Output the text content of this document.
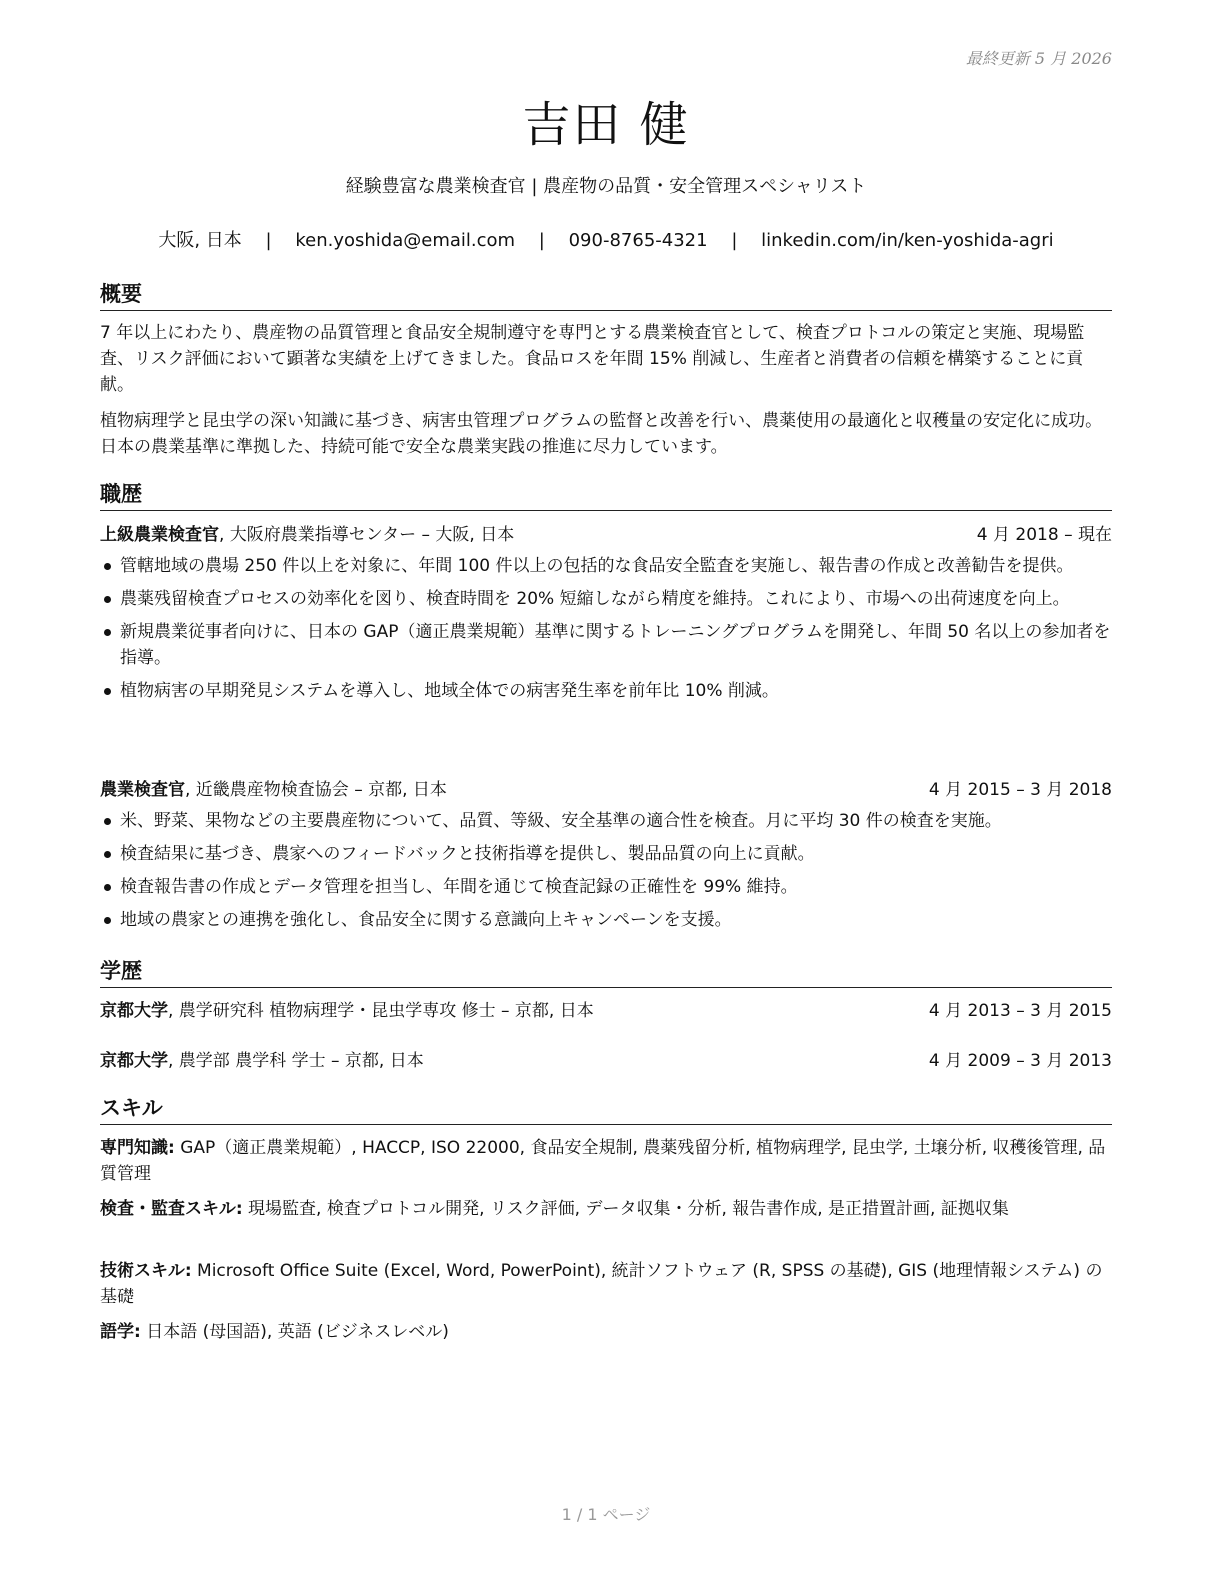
最終更新 5 月 2026
吉田 健
経験豊富な農業検査官 | 農産物の品質・安全管理スペシャリスト
大阪, 日本 | ken.yoshida@email.com | 090-8765-4321 | linkedin.com/in/ken-yoshida-agri
概要
7 年以上にわたり、農産物の品質管理と食品安全規制遵守を専門とする農業検査官として、検査プロトコルの策定と実施、現場監査、リスク評価において顕著な実績を上げてきました。食品ロスを年間 15% 削減し、生産者と消費者の信頼を構築することに貢献。
植物病理学と昆虫学の深い知識に基づき、病害虫管理プログラムの監督と改善を行い、農薬使用の最適化と収穫量の安定化に成功。日本の農業基準に準拠した、持続可能で安全な農業実践の推進に尽力しています。
職歴
上級農業検査官, 大阪府農業指導センター – 大阪, 日本	4 月 2018 – 現在
管轄地域の農場 250 件以上を対象に、年間 100 件以上の包括的な食品安全監査を実施し、報告書の作成と改善勧告を提供。
農薬残留検査プロセスの効率化を図り、検査時間を 20% 短縮しながら精度を維持。これにより、市場への出荷速度を向上。
新規農業従事者向けに、日本の GAP（適正農業規範）基準に関するトレーニングプログラムを開発し、年間 50 名以上の参加者を指導。
植物病害の早期発見システムを導入し、地域全体での病害発生率を前年比 10% 削減。
農業検査官, 近畿農産物検査協会 – 京都, 日本	4 月 2015 – 3 月 2018
米、野菜、果物などの主要農産物について、品質、等級、安全基準の適合性を検査。月に平均 30 件の検査を実施。
検査結果に基づき、農家へのフィードバックと技術指導を提供し、製品品質の向上に貢献。
検査報告書の作成とデータ管理を担当し、年間を通じて検査記録の正確性を 99% 維持。
地域の農家との連携を強化し、食品安全に関する意識向上キャンペーンを支援。
学歴
京都大学, 農学研究科 植物病理学・昆虫学専攻 修士 – 京都, 日本	4 月 2013 – 3 月 2015
京都大学, 農学部 農学科 学士 – 京都, 日本	4 月 2009 – 3 月 2013
スキル
専門知識: GAP（適正農業規範）, HACCP, ISO 22000, 食品安全規制, 農薬残留分析, 植物病理学, 昆虫学, 土壌分析, 収穫後管理, 品質管理
検査・監査スキル: 現場監査, 検査プロトコル開発, リスク評価, データ収集・分析, 報告書作成, 是正措置計画, 証拠収集
技術スキル: Microsoft Office Suite (Excel, Word, PowerPoint), 統計ソフトウェア (R, SPSS の基礎), GIS (地理情報システム) の基礎
語学: 日本語 (母国語), 英語 (ビジネスレベル)
1 / 1 ページ
